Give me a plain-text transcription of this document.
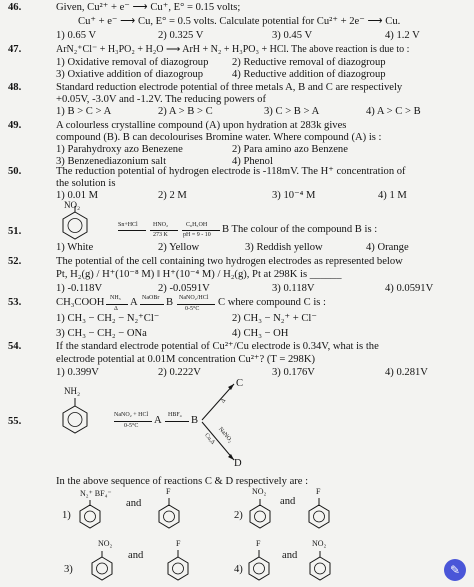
46.	Given, Cu²⁺ + e⁻ ⟶ Cu⁺, E° = 0.15 volts;
Cu⁺ + e⁻ ⟶ Cu, E° = 0.5 volts. Calculate potential for Cu²⁺ + 2e⁻ ⟶ Cu.
1) 0.65 V	2) 0.325 V	3) 0.45 V	4) 1.2 V
47.	ArN₂⁺Cl⁻ + H₃PO₂ + H₂O ⟶ ArH + N₂ + H₃PO₃ + HCl. The above reaction is due to :
1) Oxidative removal of diazogroup 2) Reductive removal of diazogroup
3) Oxiative addition of diazogroup	4) Reductive addition of diazogroup
48.	Standard reduction electrode potential of three metals A, B and C are respectively
+0.05V, -3.0V and -1.2V. The reducing powers of
1) B > C > A	2) A > B > C	3) C > B > A	4) A > C > B
49.	A colourless crystalline compound (A) upon hydration at 283k gives
compound (B). B can decolourises Bromine water. Where compound (A) is :
1) Parahydroxy azo Benezene	2) Para amino azo Benzene
3) Benzenediazonium salt	4) Phenol
50.	The reduction potential of hydrogen electrode is -118mV. The H⁺ concentration of
the solution is
1) 0.01 M	2) 2 M	3) 10⁻⁴ M	4) 1 M
NO₂
51.
Sn+HCl	HNO₂
273 K
C₆H₅OH
pH = 9 - 10 B The colour of the compound B is :
1) White	2) Yellow	3) Reddish yellow	4) Orange
52.	The potential of the cell containing two hydrogen electrodes as represented below
Pt, H₂(g) / H⁺(10⁻⁸ M) ‖ H⁺(10⁻⁴ M) / H₂(g), Pt at 298K is ______
1) -0.118V	2) -0.0591V	3) 0.118V	4) 0.0591V
53.	CH₃COOH NH₃
Δ
A NaOBr B NaNO₂/HCl
0-5°C
C where compound C is :
1) CH₃ − CH₂ − N₂⁺Cl⁻	2) CH₃ − N₂⁺ + Cl⁻
3) CH₃ − CH₂ − ONa	4) CH₃ − OH
54.	If the standard electrode potential of Cu²⁺/Cu electrode is 0.34V, what is the
electrode potential at 0.01M concentration Cu²⁺? (T = 298K)
1) 0.399V	2) 0.222V	3) 0.176V	4) 0.281V
NH₂
55.
NaNO₂ + HCl
0-5°C A HBF₄ B
C
Δ
Cu,Δ NaNO₂
D
In the above sequence of reactions C & D respectively are :
1)
N₂⁺ BF₄⁻
and
F
2)
NO₂
and
F
3)
NO₂
and
F
4)
F
and
NO₂
✎
